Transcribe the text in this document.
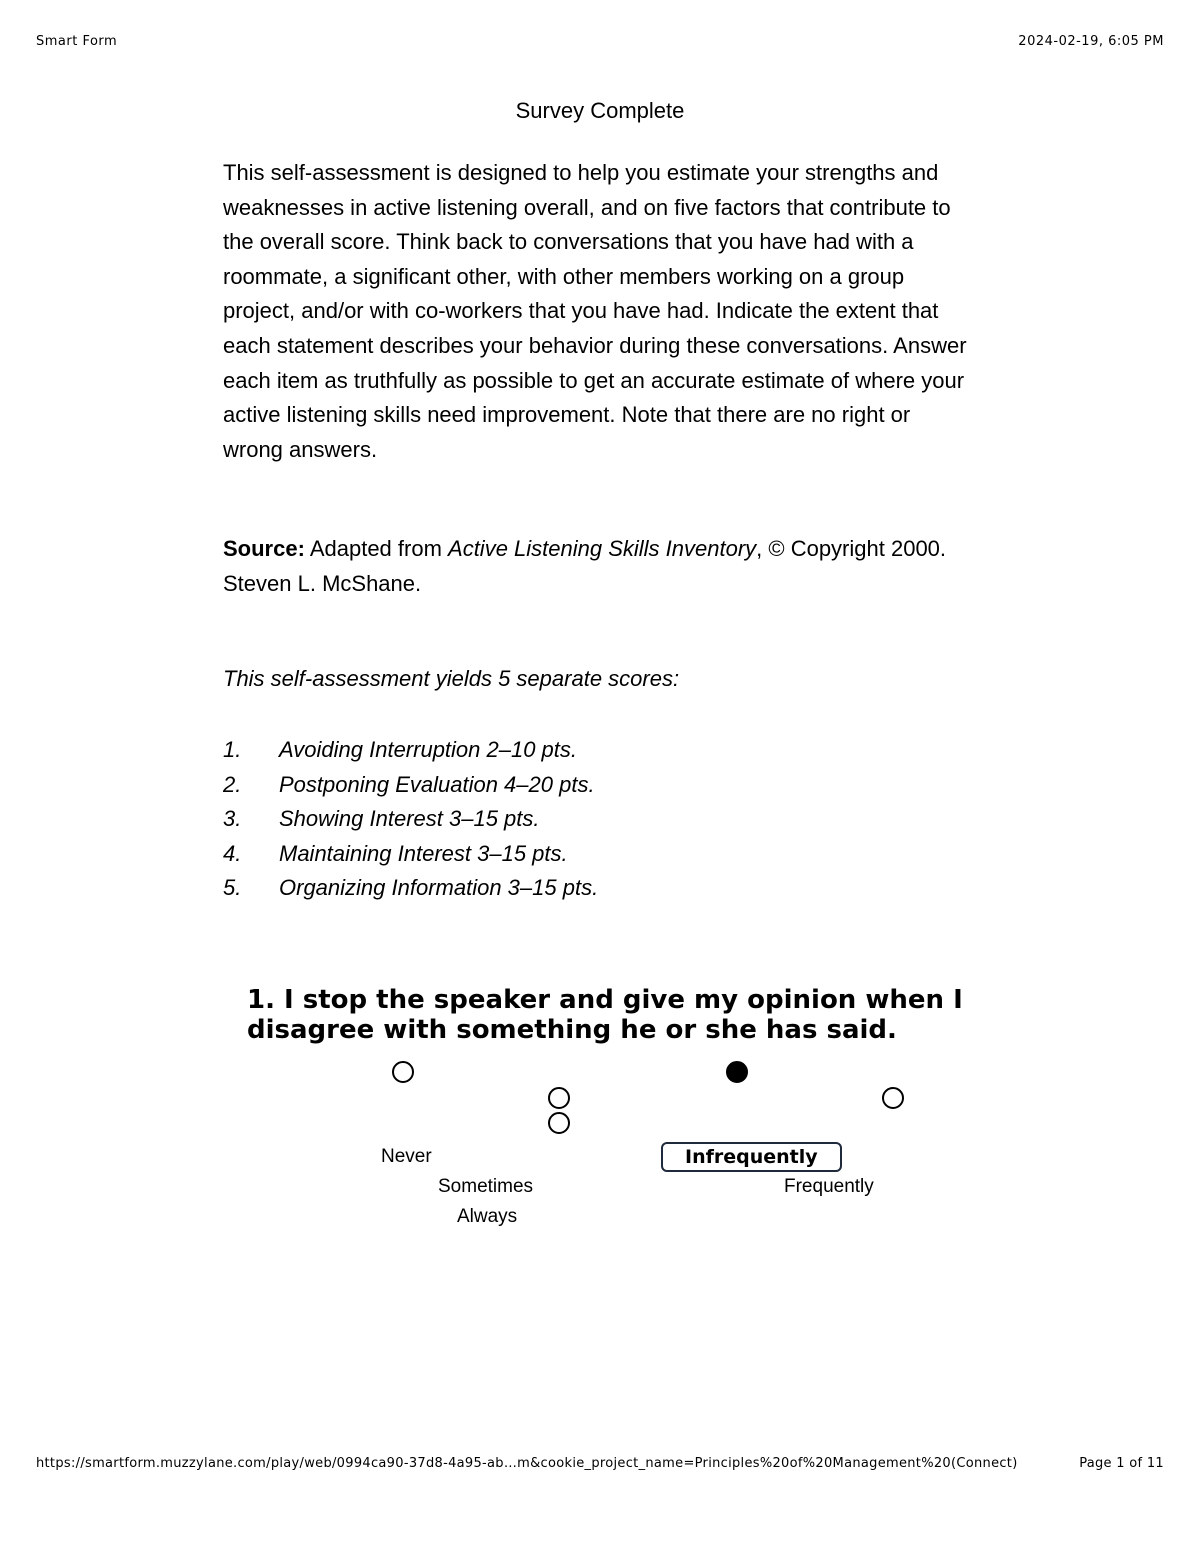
Smart Form	2024-02-19, 6:05 PM
Survey Complete

This self-assessment is designed to help you estimate your strengths and weaknesses in active listening overall, and on five factors that contribute to the overall score. Think back to conversations that you have had with a roommate, a significant other, with other members working on a group project, and/or with co-workers that you have had. Indicate the extent that each statement describes your behavior during these conversations. Answer each item as truthfully as possible to get an accurate estimate of where your active listening skills need improvement. Note that there are no right or wrong answers.

Source: Adapted from Active Listening Skills Inventory, © Copyright 2000. Steven L. McShane.

This self-assessment yields 5 separate scores:

1.	Avoiding Interruption 2–10 pts.
2.	Postponing Evaluation 4–20 pts.
3.	Showing Interest 3–15 pts.
4.	Maintaining Interest 3–15 pts.
5.	Organizing Information 3–15 pts.

1. I stop the speaker and give my opinion when I disagree with something he or she has said.

Never
Sometimes
Always
Infrequently
Frequently
https://smartform.muzzylane.com/play/web/0994ca90-37d8-4a95-ab…m&cookie_project_name=Principles%20of%20Management%20(Connect)	Page 1 of 11
